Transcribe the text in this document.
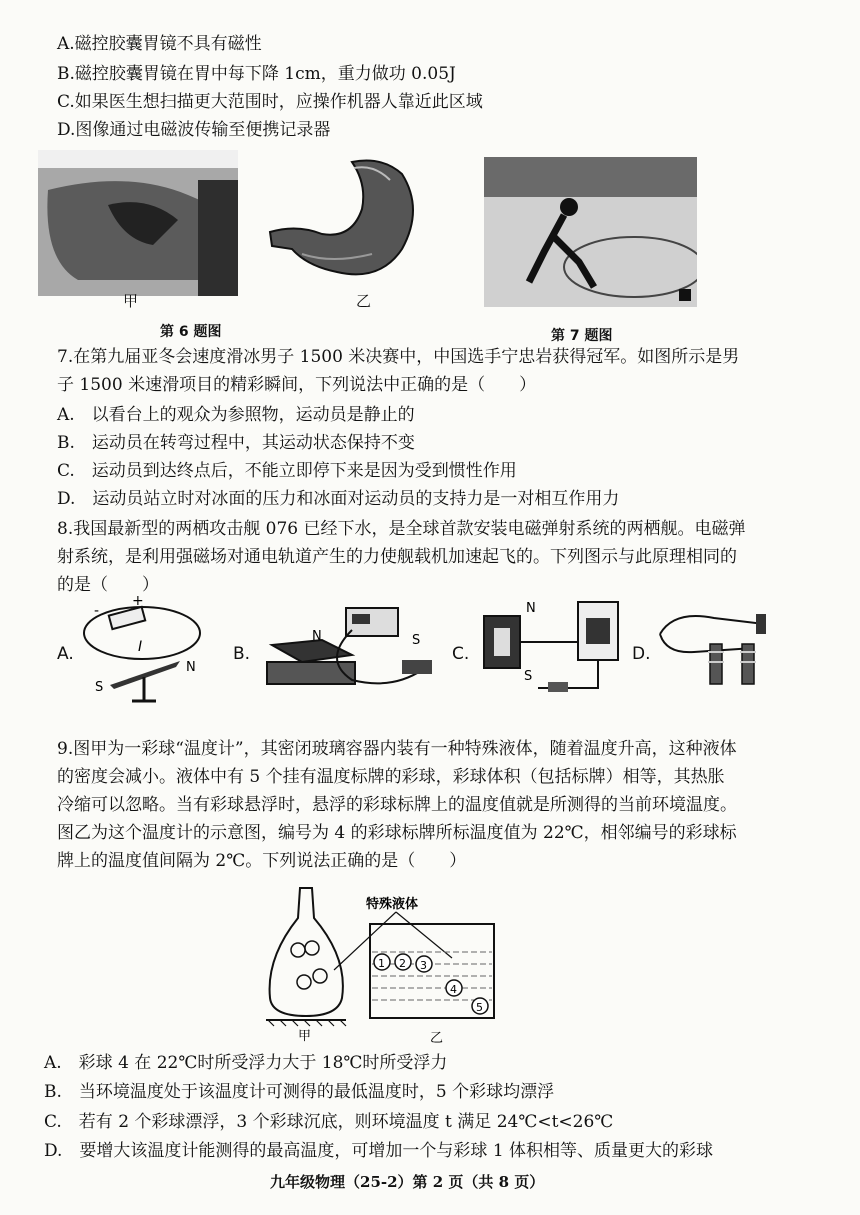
A.磁控胶囊胃镜不具有磁性
B.磁控胶囊胃镜在胃中每下降 1cm，重力做功 0.05J
C.如果医生想扫描更大范围时，应操作机器人靠近此区域
D.图像通过电磁波传输至便携记录器
甲	乙
第 6 题图	第 7 题图
7.在第九届亚冬会速度滑冰男子 1500 米决赛中，中国选手宁忠岩获得冠军。如图所示是男
子 1500 米速滑项目的精彩瞬间，下列说法中正确的是（　　）
A.　以看台上的观众为参照物，运动员是静止的
B.　运动员在转弯过程中，其运动状态保持不变
C.　运动员到达终点后，不能立即停下来是因为受到惯性作用
D.　运动员站立时对冰面的压力和冰面对运动员的支持力是一对相互作用力
8.我国最新型的两栖攻击舰 076 已经下水，是全球首款安装电磁弹射系统的两栖舰。电磁弹
射系统，是利用强磁场对通电轨道产生的力使舰载机加速起飞的。下列图示与此原理相同的
的是（　　）
A.
-
+
I
N
S
B.
N	S
C.
N
S
D.
9.图甲为一彩球“温度计”，其密闭玻璃容器内装有一种特殊液体，随着温度升高，这种液体
的密度会减小。液体中有 5 个挂有温度标牌的彩球，彩球体积（包括标牌）相等，其热胀
冷缩可以忽略。当有彩球悬浮时，悬浮的彩球标牌上的温度值就是所测得的当前环境温度。
图乙为这个温度计的示意图，编号为 4 的彩球标牌所标温度值为 22℃，相邻编号的彩球标
牌上的温度值间隔为 2℃。下列说法正确的是（　　）
甲
特殊液体
1 2 3
4
5
乙
A.　彩球 4 在 22℃时所受浮力大于 18℃时所受浮力
B.　当环境温度处于该温度计可测得的最低温度时，5 个彩球均漂浮
C.　若有 2 个彩球漂浮，3 个彩球沉底，则环境温度 t 满足 24℃<t<26℃
D.　要增大该温度计能测得的最高温度，可增加一个与彩球 1 体积相等、质量更大的彩球
九年级物理（25-2）第 2 页（共 8 页）
